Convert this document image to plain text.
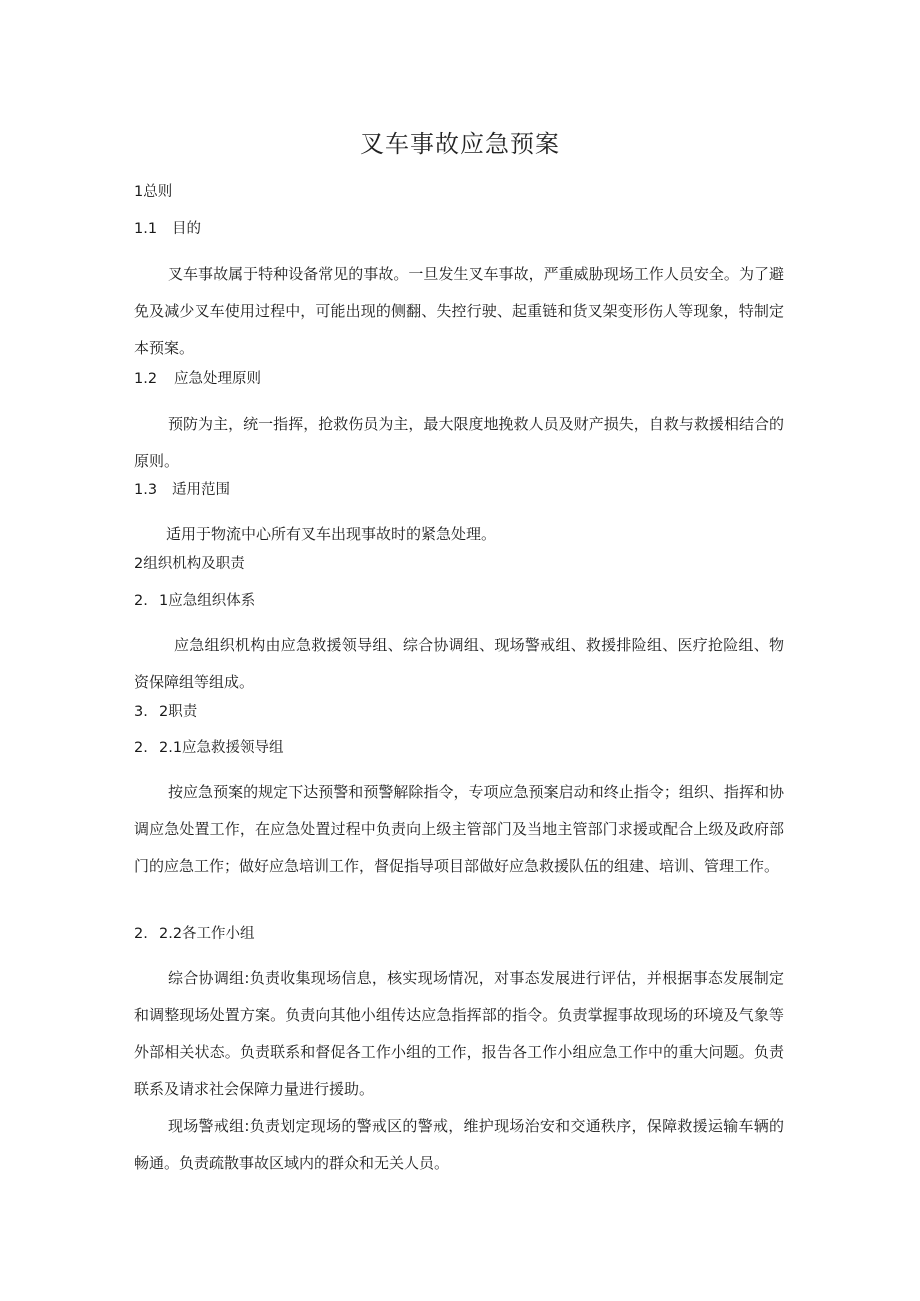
叉车事故应急预案
1总则
1.1 目的

叉车事故属于特种设备常见的事故。一旦发生叉车事故，严重威胁现场工作人员安全。为了避免及减少叉车使用过程中，可能出现的侧翻、失控行驶、起重链和货叉架变形伤人等现象，特制定本预案。

1.2 应急处理原则

预防为主，统一指挥，抢救伤员为主，最大限度地挽救人员及财产损失，自救与救援相结合的原则。

1.3 适用范围

适用于物流中心所有叉车出现事故时的紧急处理。

2组织机构及职责
2. 1应急组织体系

应急组织机构由应急救援领导组、综合协调组、现场警戒组、救援排险组、医疗抢险组、物资保障组等组成。

3. 2职责
2. 2.1应急救援领导组

按应急预案的规定下达预警和预警解除指令，专项应急预案启动和终止指令；组织、指挥和协调应急处置工作，在应急处置过程中负责向上级主管部门及当地主管部门求援或配合上级及政府部门的应急工作；做好应急培训工作，督促指导项目部做好应急救援队伍的组建、培训、管理工作。

2. 2.2各工作小组

综合协调组:负责收集现场信息，核实现场情况，对事态发展进行评估，并根据事态发展制定和调整现场处置方案。负责向其他小组传达应急指挥部的指令。负责掌握事故现场的环境及气象等外部相关状态。负责联系和督促各工作小组的工作，报告各工作小组应急工作中的重大问题。负责联系及请求社会保障力量进行援助。

现场警戒组:负责划定现场的警戒区的警戒，维护现场治安和交通秩序，保障救援运输车辆的畅通。负责疏散事故区域内的群众和无关人员。
